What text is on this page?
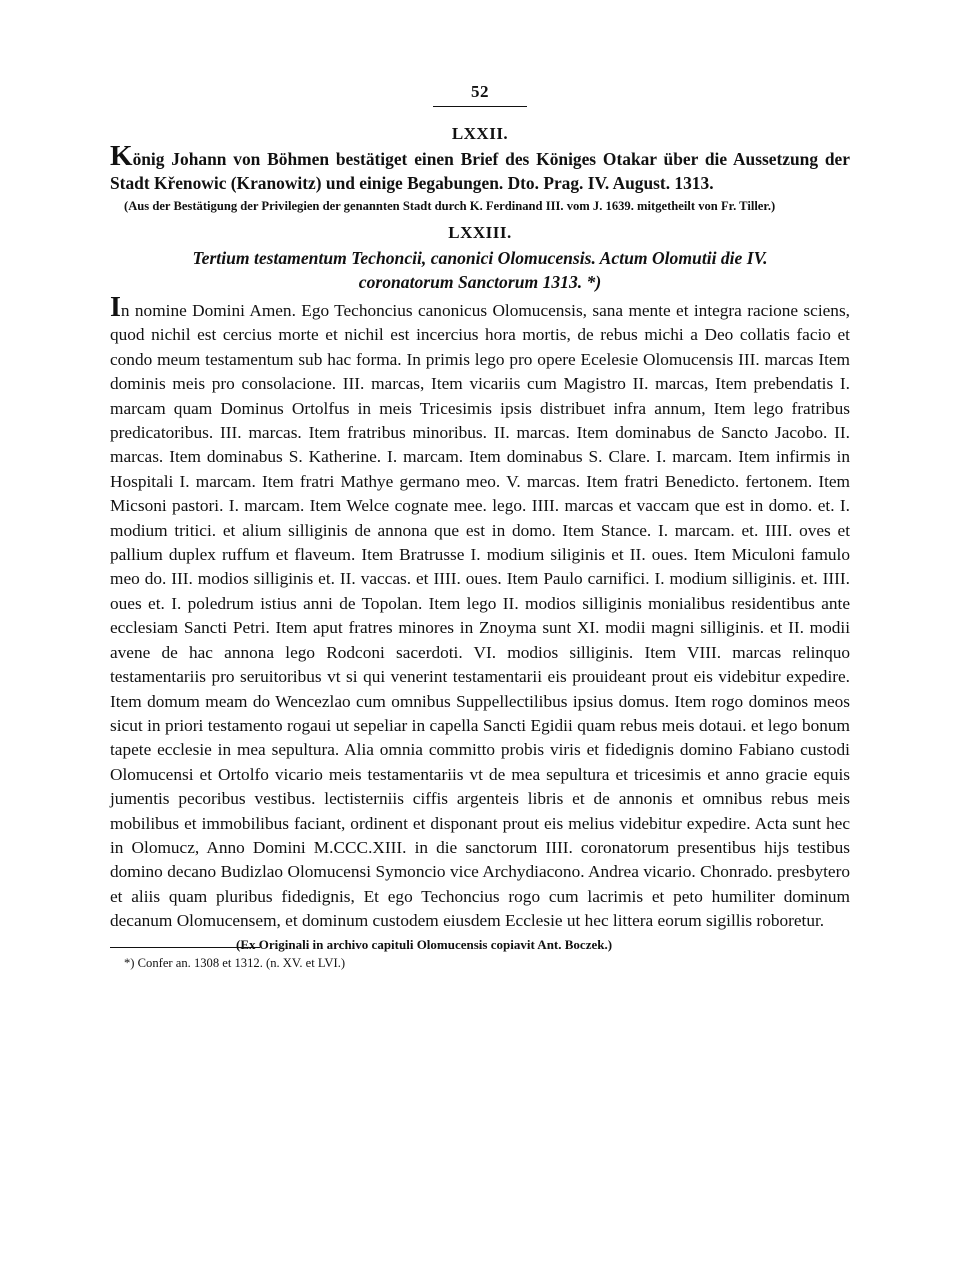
52
LXXII.

König Johann von Böhmen bestätiget einen Brief des Königes Otakar über die Aussetzung der Stadt Křenowic (Kranowitz) und einige Begabungen. Dto. Prag. IV. August. 1313.

(Aus der Bestätigung der Privilegien der genannten Stadt durch K. Ferdinand III. vom J. 1639. mitgetheilt von Fr. Tiller.)

LXXIII.

Tertium testamentum Techoncii, canonici Olomucensis. Actum Olomutii die IV.
coronatorum Sanctorum 1313. *)

In nomine Domini Amen. Ego Techoncius canonicus Olomucensis, sana mente et integra racione sciens, quod nichil est cercius morte et nichil est incercius hora mortis, de rebus michi a Deo collatis facio et condo meum testamentum sub hac forma. In primis lego pro opere Ecelesie Olomucensis III. marcas Item dominis meis pro consolacione. III. marcas, Item vicariis cum Magistro II. marcas, Item prebendatis I. marcam quam Dominus Ortolfus in meis Tricesimis ipsis distribuet infra annum, Item lego fratribus predicatoribus. III. marcas. Item fratribus minoribus. II. marcas. Item dominabus de Sancto Jacobo. II. marcas. Item dominabus S. Katherine. I. marcam. Item dominabus S. Clare. I. marcam. Item infirmis in Hospitali I. marcam. Item fratri Mathye germano meo. V. marcas. Item fratri Benedicto. fertonem. Item Micsoni pastori. I. marcam. Item Welce cognate mee. lego. IIII. marcas et vaccam que est in domo. et. I. modium tritici. et alium silliginis de annona que est in domo. Item Stance. I. marcam. et. IIII. oves et pallium duplex ruffum et flaveum. Item Bratrusse I. modium siliginis et II. oues. Item Miculoni famulo meo do. III. modios silliginis et. II. vaccas. et IIII. oues. Item Paulo carnifici. I. modium silliginis. et. IIII. oues et. I. poledrum istius anni de Topolan. Item lego II. modios silliginis monialibus residentibus ante ecclesiam Sancti Petri. Item aput fratres minores in Znoyma sunt XI. modii magni silliginis. et II. modii avene de hac annona lego Rodconi sacerdoti. VI. modios silliginis. Item VIII. marcas relinquo testamentariis pro seruitoribus vt si qui venerint testamentarii eis prouideant prout eis videbitur expedire. Item domum meam do Wencezlao cum omnibus Suppellectilibus ipsius domus. Item rogo dominos meos sicut in priori testamento rogaui ut sepeliar in capella Sancti Egidii quam rebus meis dotaui. et lego bonum tapete ecclesie in mea sepultura. Alia omnia committo probis viris et fidedignis domino Fabiano custodi Olomucensi et Ortolfo vicario meis testamentariis vt de mea sepultura et tricesimis et anno gracie equis jumentis pecoribus vestibus. lectisterniis ciffis argenteis libris et de annonis et omnibus rebus meis mobilibus et immobilibus faciant, ordinent et disponant prout eis melius videbitur expedire. Acta sunt hec in Olomucz, Anno Domini M.CCC.XIII. in die sanctorum IIII. coronatorum presentibus hijs testibus domino decano Budizlao Olomucensi Symoncio vice Archydiacono. Andrea vicario. Chonrado. presbytero et aliis quam pluribus fidedignis, Et ego Techoncius rogo cum lacrimis et peto humiliter dominum decanum Olomucensem, et dominum custodem eiusdem Ecclesie ut hec littera eorum sigillis roboretur.

(Ex Originali in archivo capituli Olomucensis copiavit Ant. Boczek.)

*) Confer an. 1308 et 1312. (n. XV. et LVI.)
